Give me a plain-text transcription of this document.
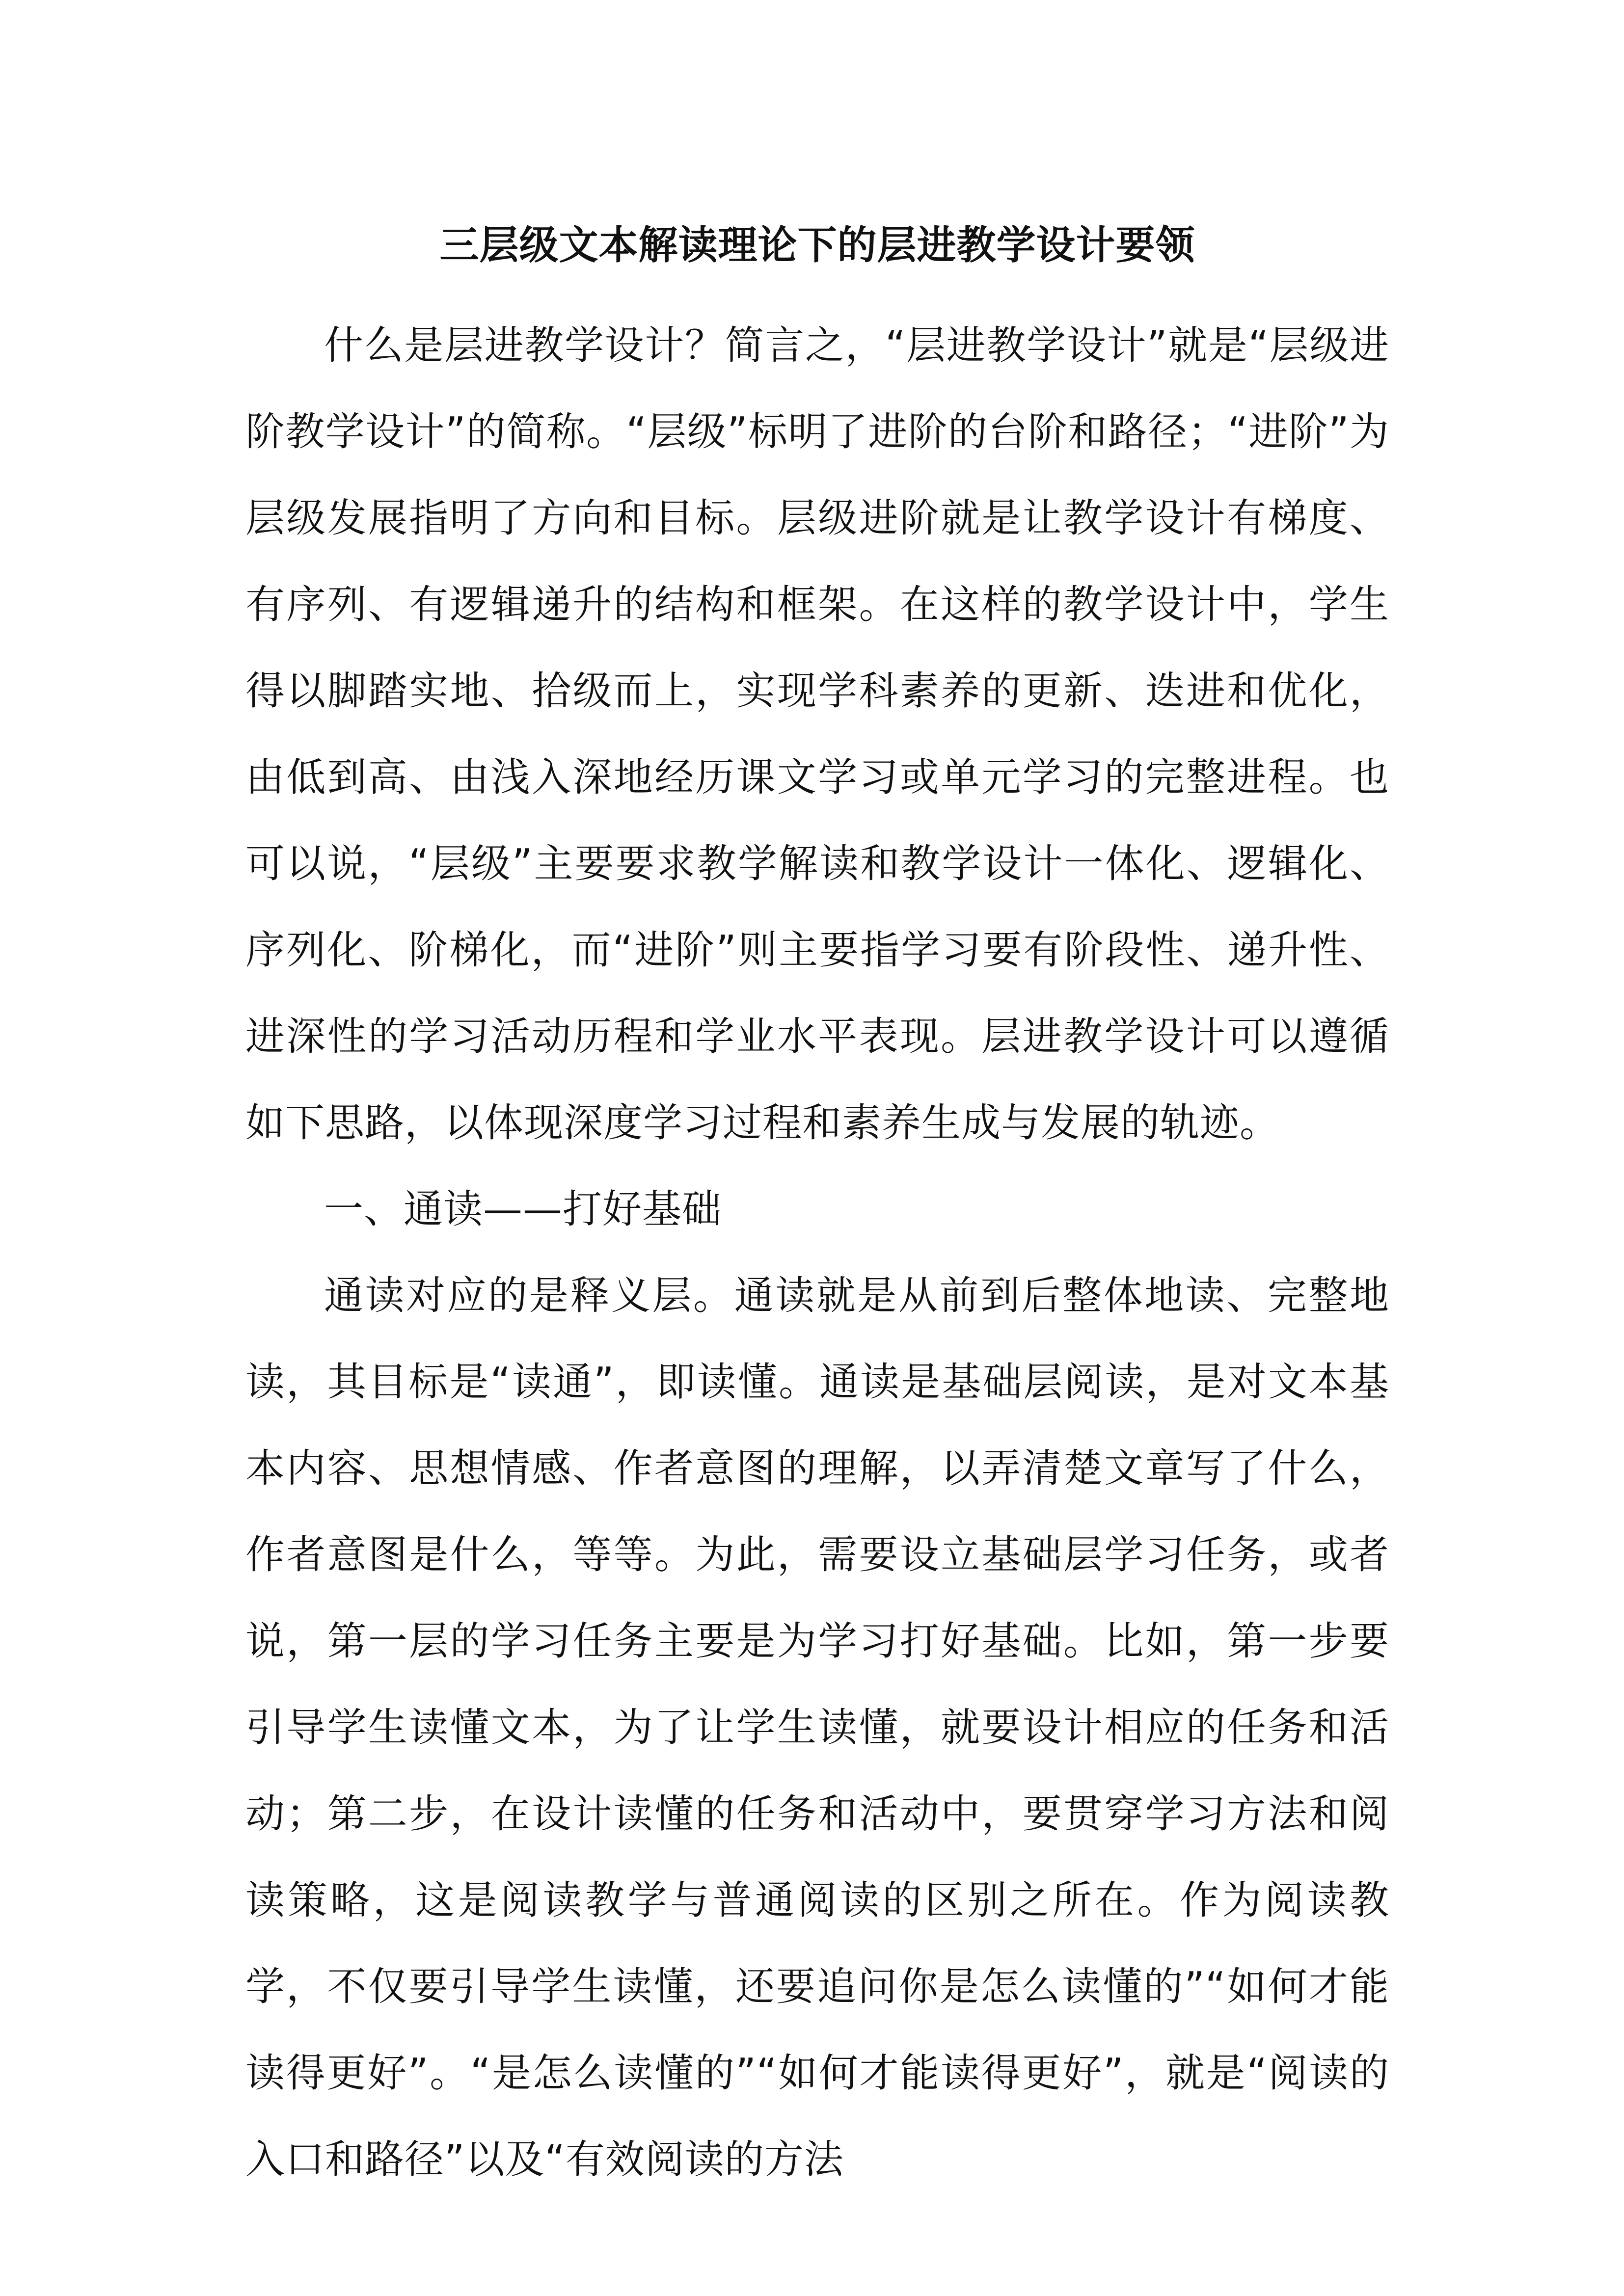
三层级文本解读理论下的层进教学设计要领

什么是层进教学设计？简言之，“层进教学设计”就是“层级进阶教学设计”的简称。“层级”标明了进阶的台阶和路径；“进阶”为层级发展指明了方向和目标。层级进阶就是让教学设计有梯度、有序列、有逻辑递升的结构和框架。在这样的教学设计中，学生得以脚踏实地、拾级而上，实现学科素养的更新、迭进和优化，由低到高、由浅入深地经历课文学习或单元学习的完整进程。也可以说，“层级”主要要求教学解读和教学设计一体化、逻辑化、序列化、阶梯化，而“进阶”则主要指学习要有阶段性、递升性、进深性的学习活动历程和学业水平表现。层进教学设计可以遵循如下思路，以体现深度学习过程和素养生成与发展的轨迹。

一、通读——打好基础

通读对应的是释义层。通读就是从前到后整体地读、完整地读，其目标是“读通”，即读懂。通读是基础层阅读，是对文本基本内容、思想情感、作者意图的理解，以弄清楚文章写了什么，作者意图是什么，等等。为此，需要设立基础层学习任务，或者说，第一层的学习任务主要是为学习打好基础。比如，第一步要引导学生读懂文本，为了让学生读懂，就要设计相应的任务和活动；第二步，在设计读懂的任务和活动中，要贯穿学习方法和阅读策略，这是阅读教学与普通阅读的区别之所在。作为阅读教学，不仅要引导学生读懂，还要追问你是怎么读懂的”“如何才能读得更好”。“是怎么读懂的”“如何才能读得更好”，就是“阅读的入口和路径”以及“有效阅读的方法
